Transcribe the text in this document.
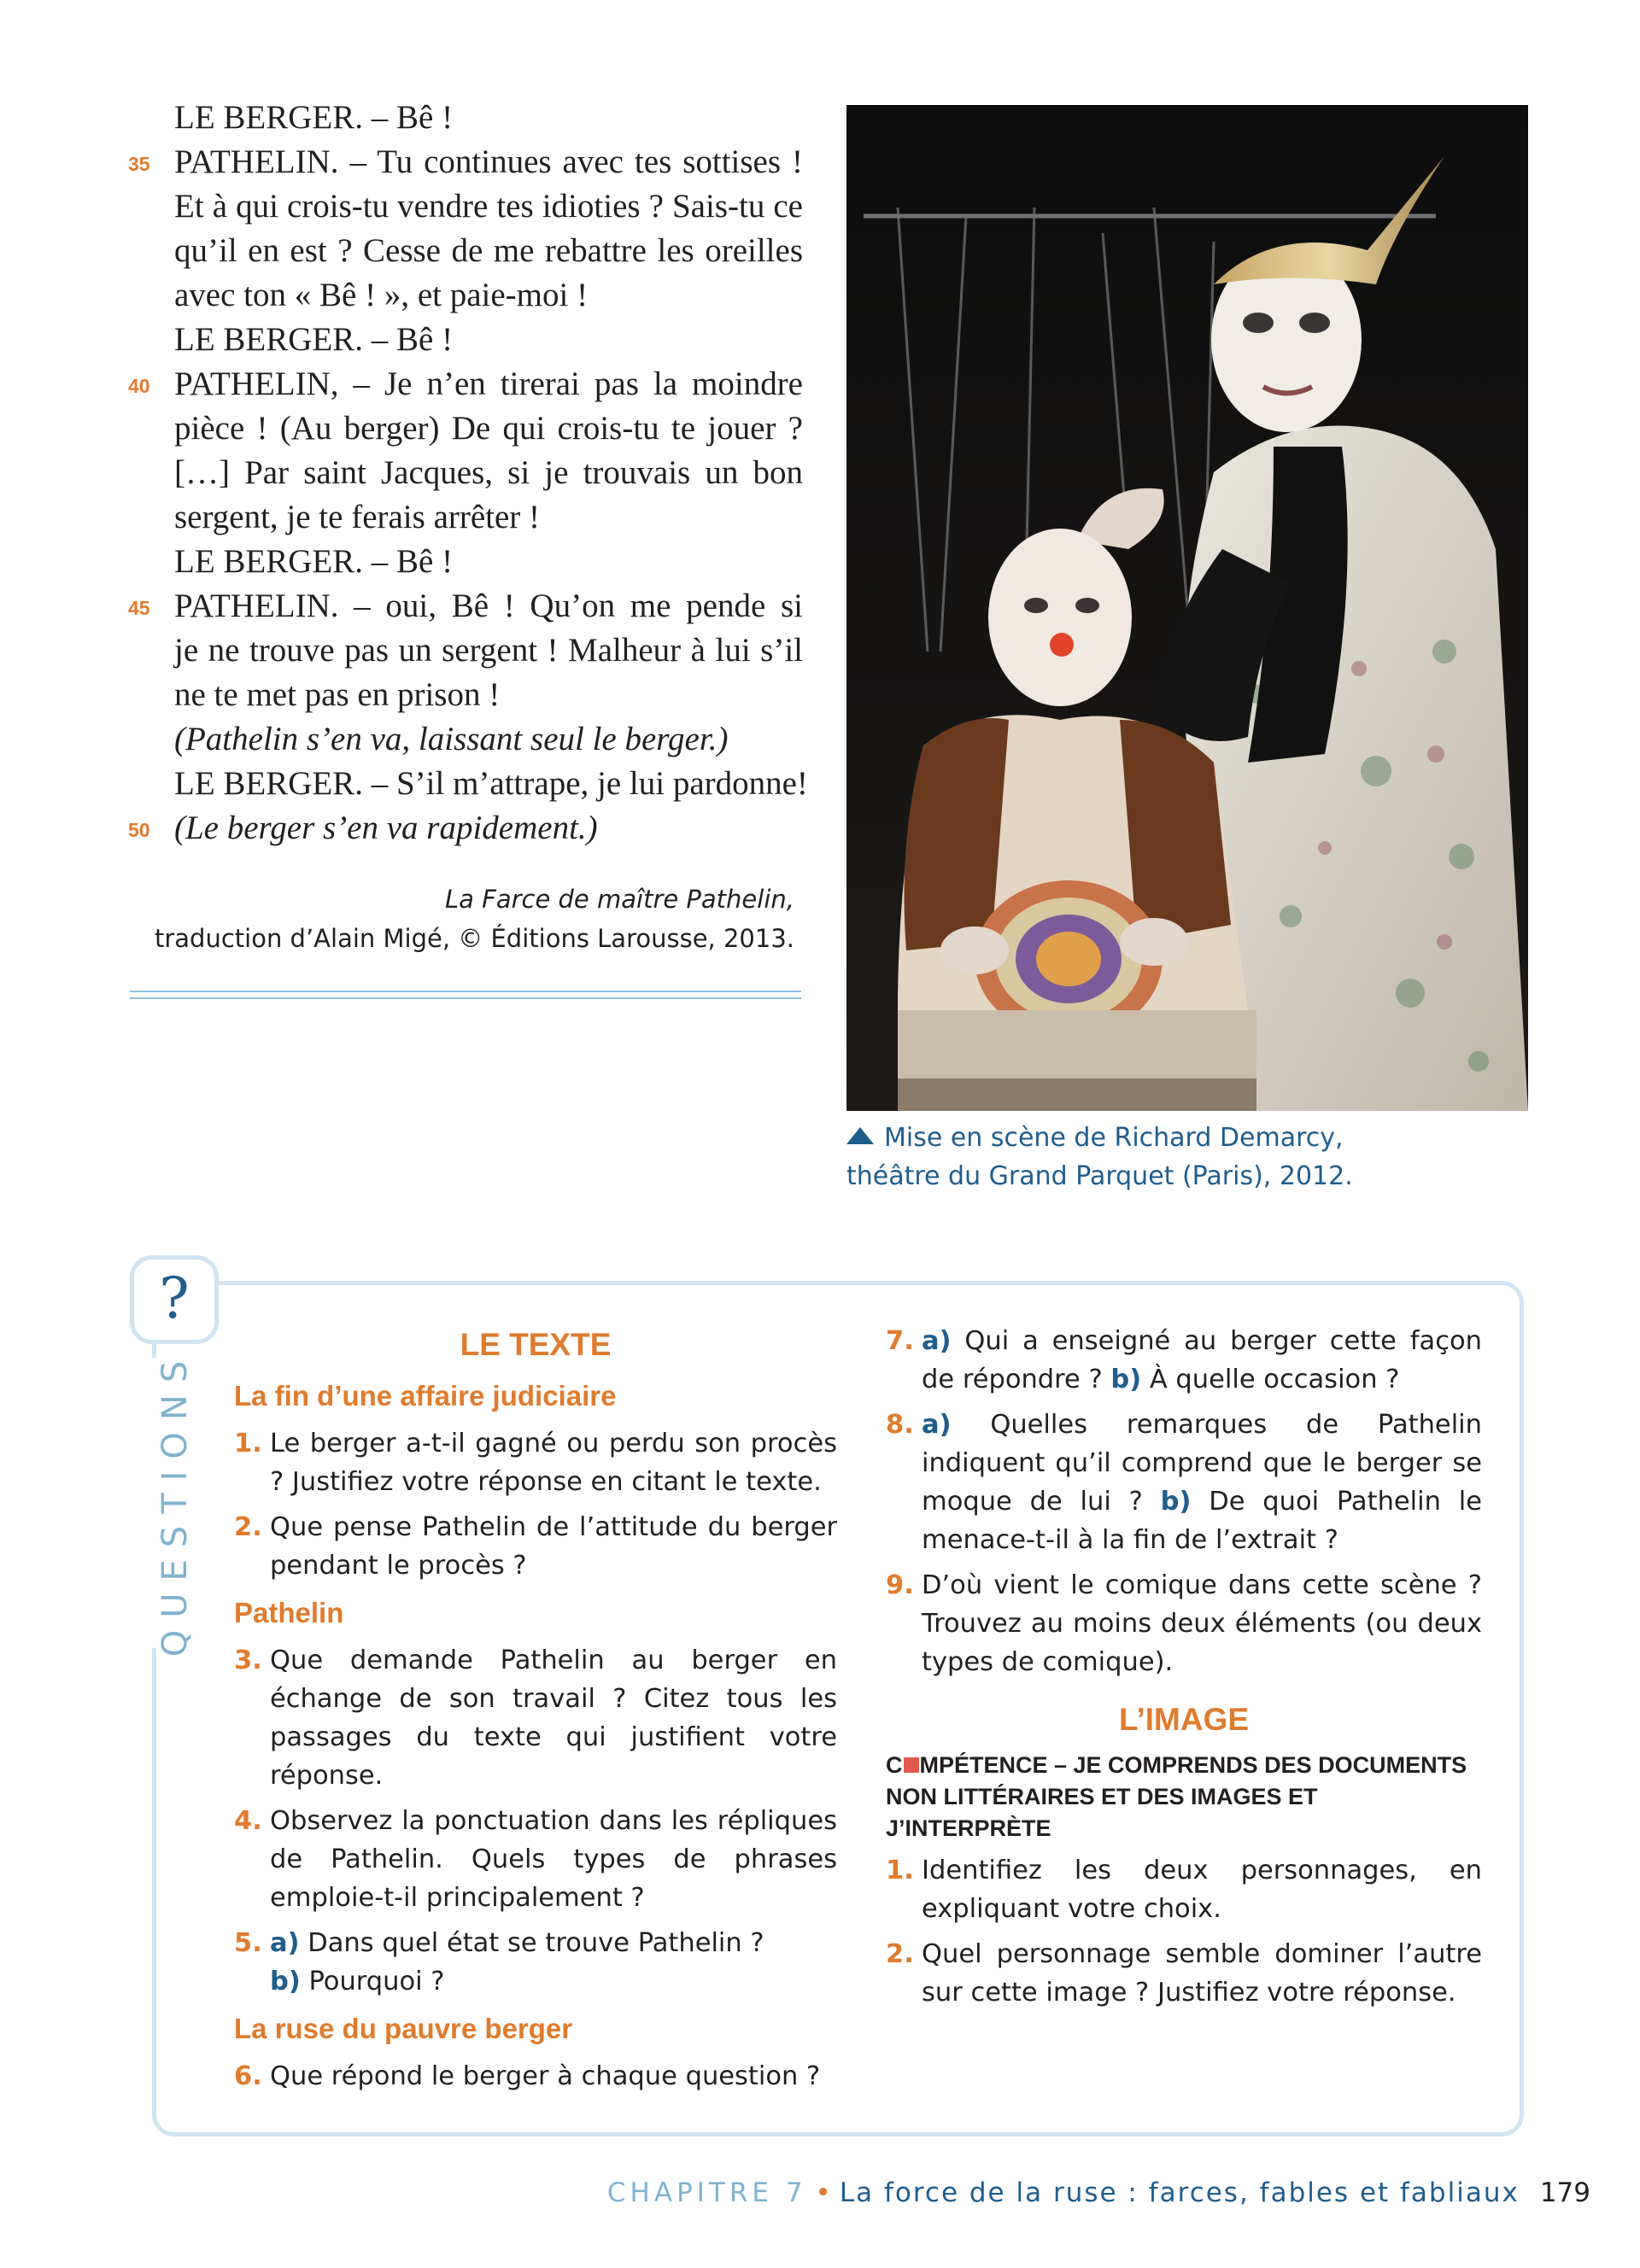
LE BERGER. – Bê !
35 PATHELIN. – Tu continues avec tes sottises !
Et à qui crois-tu vendre tes idioties ? Sais-tu ce
qu’il en est ? Cesse de me rebattre les oreilles
avec ton « Bê ! », et paie-moi !
LE BERGER. – Bê !
40 PATHELIN, – Je n’en tirerai pas la moindre
pièce ! (Au berger) De qui crois-tu te jouer ?
[…] Par saint Jacques, si je trouvais un bon
sergent, je te ferais arrêter !
LE BERGER. – Bê !
45 PATHELIN. – oui, Bê ! Qu’on me pende si
je ne trouve pas un sergent ! Malheur à lui s’il
ne te met pas en prison !
(Pathelin s’en va, laissant seul le berger.)
LE BERGER. – S’il m’attrape, je lui pardonne!
50 (Le berger s’en va rapidement.)
La Farce de maître Pathelin,
traduction d’Alain Migé, © Éditions Larousse, 2013.
Mise en scène de Richard Demarcy,
théâtre du Grand Parquet (Paris), 2012.
QUESTIONS
?
LE TEXTE
La fin d’une affaire judiciaire
1. Le berger a-t-il gagné ou perdu son procès ? Justifiez votre réponse en citant le texte.
2. Que pense Pathelin de l’attitude du berger pendant le procès ?
Pathelin
3. Que demande Pathelin au berger en échange de son travail ? Citez tous les passages du texte qui justifient votre réponse.
4. Observez la ponctuation dans les répliques de Pathelin. Quels types de phrases emploie-t-il principalement ?
5. a) Dans quel état se trouve Pathelin ?
b) Pourquoi ?
La ruse du pauvre berger
6. Que répond le berger à chaque question ?
7. a) Qui a enseigné au berger cette façon de répondre ? b) À quelle occasion ?
8. a) Quelles remarques de Pathelin indiquent qu’il comprend que le berger se moque de lui ? b) De quoi Pathelin le menace-t-il à la fin de l’extrait ?
9. D’où vient le comique dans cette scène ? Trouvez au moins deux éléments (ou deux types de comique).
L’IMAGE
C MPÉTENCE – JE COMPRENDS DES DOCUMENTS
NON LITTÉRAIRES ET DES IMAGES ET J’INTERPRÈTE
1. Identifiez les deux personnages, en expliquant votre choix.
2. Quel personnage semble dominer l’autre sur cette image ? Justifiez votre réponse.
CHAPITRE 7 • La force de la ruse : farces, fables et fabliaux 179
